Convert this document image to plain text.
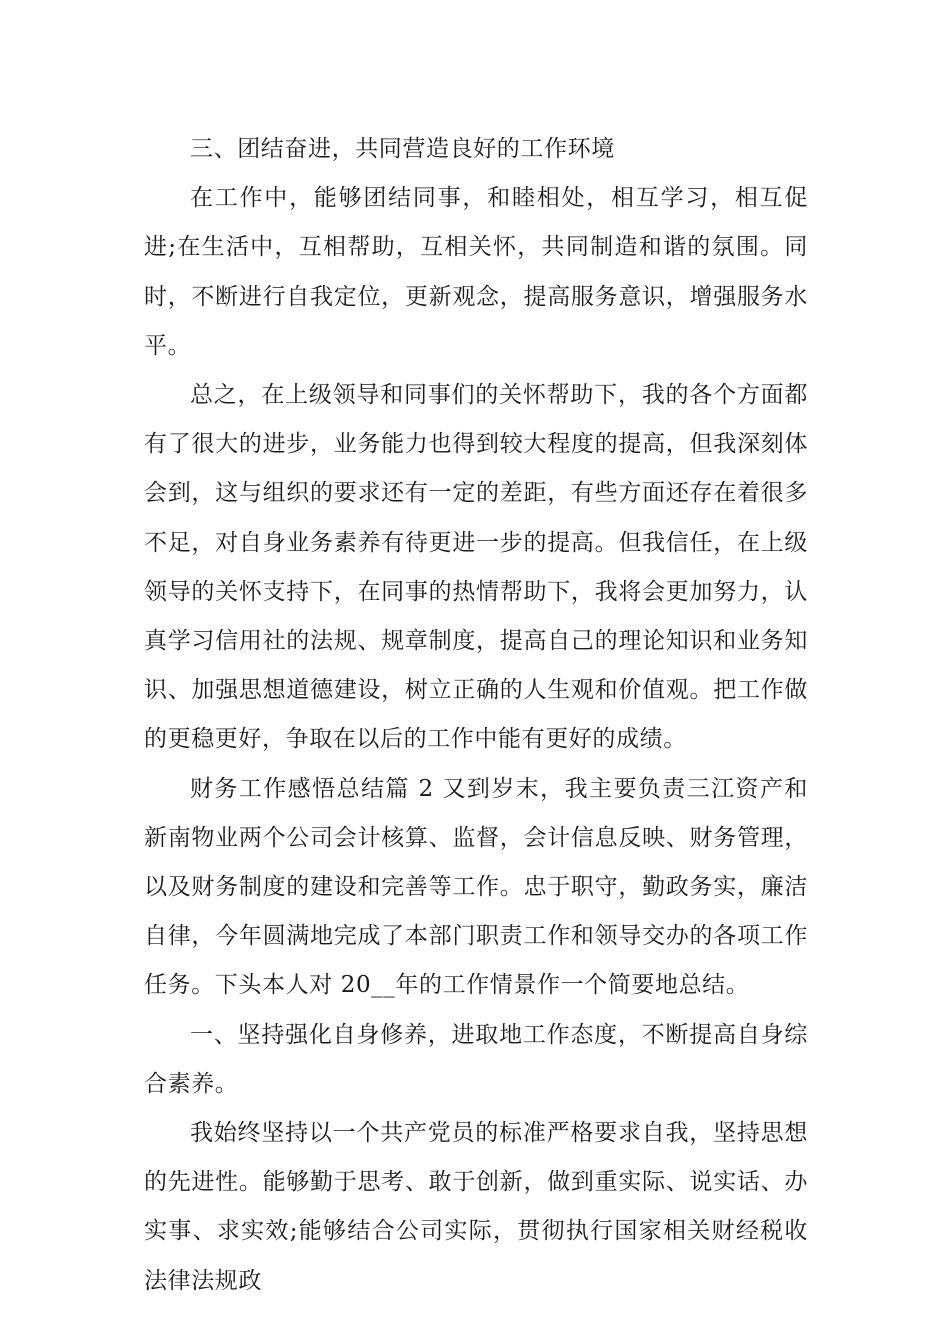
三、团结奋进，共同营造良好的工作环境

在工作中，能够团结同事，和睦相处，相互学习，相互促进;在生活中，互相帮助，互相关怀，共同制造和谐的氛围。同时，不断进行自我定位，更新观念，提高服务意识，增强服务水平。

总之，在上级领导和同事们的关怀帮助下，我的各个方面都有了很大的进步，业务能力也得到较大程度的提高，但我深刻体会到，这与组织的要求还有一定的差距，有些方面还存在着很多不足，对自身业务素养有待更进一步的提高。但我信任，在上级领导的关怀支持下，在同事的热情帮助下，我将会更加努力，认真学习信用社的法规、规章制度，提高自己的理论知识和业务知识、加强思想道德建设，树立正确的人生观和价值观。把工作做的更稳更好，争取在以后的工作中能有更好的成绩。

财务工作感悟总结篇 2 又到岁末，我主要负责三江资产和新南物业两个公司会计核算、监督，会计信息反映、财务管理，以及财务制度的建设和完善等工作。忠于职守，勤政务实，廉洁自律，今年圆满地完成了本部门职责工作和领导交办的各项工作任务。下头本人对 20__年的工作情景作一个简要地总结。

一、坚持强化自身修养，进取地工作态度，不断提高自身综合素养。

我始终坚持以一个共产党员的标准严格要求自我，坚持思想的先进性。能够勤于思考、敢于创新，做到重实际、说实话、办实事、求实效;能够结合公司实际，贯彻执行国家相关财经税收法律法规政
